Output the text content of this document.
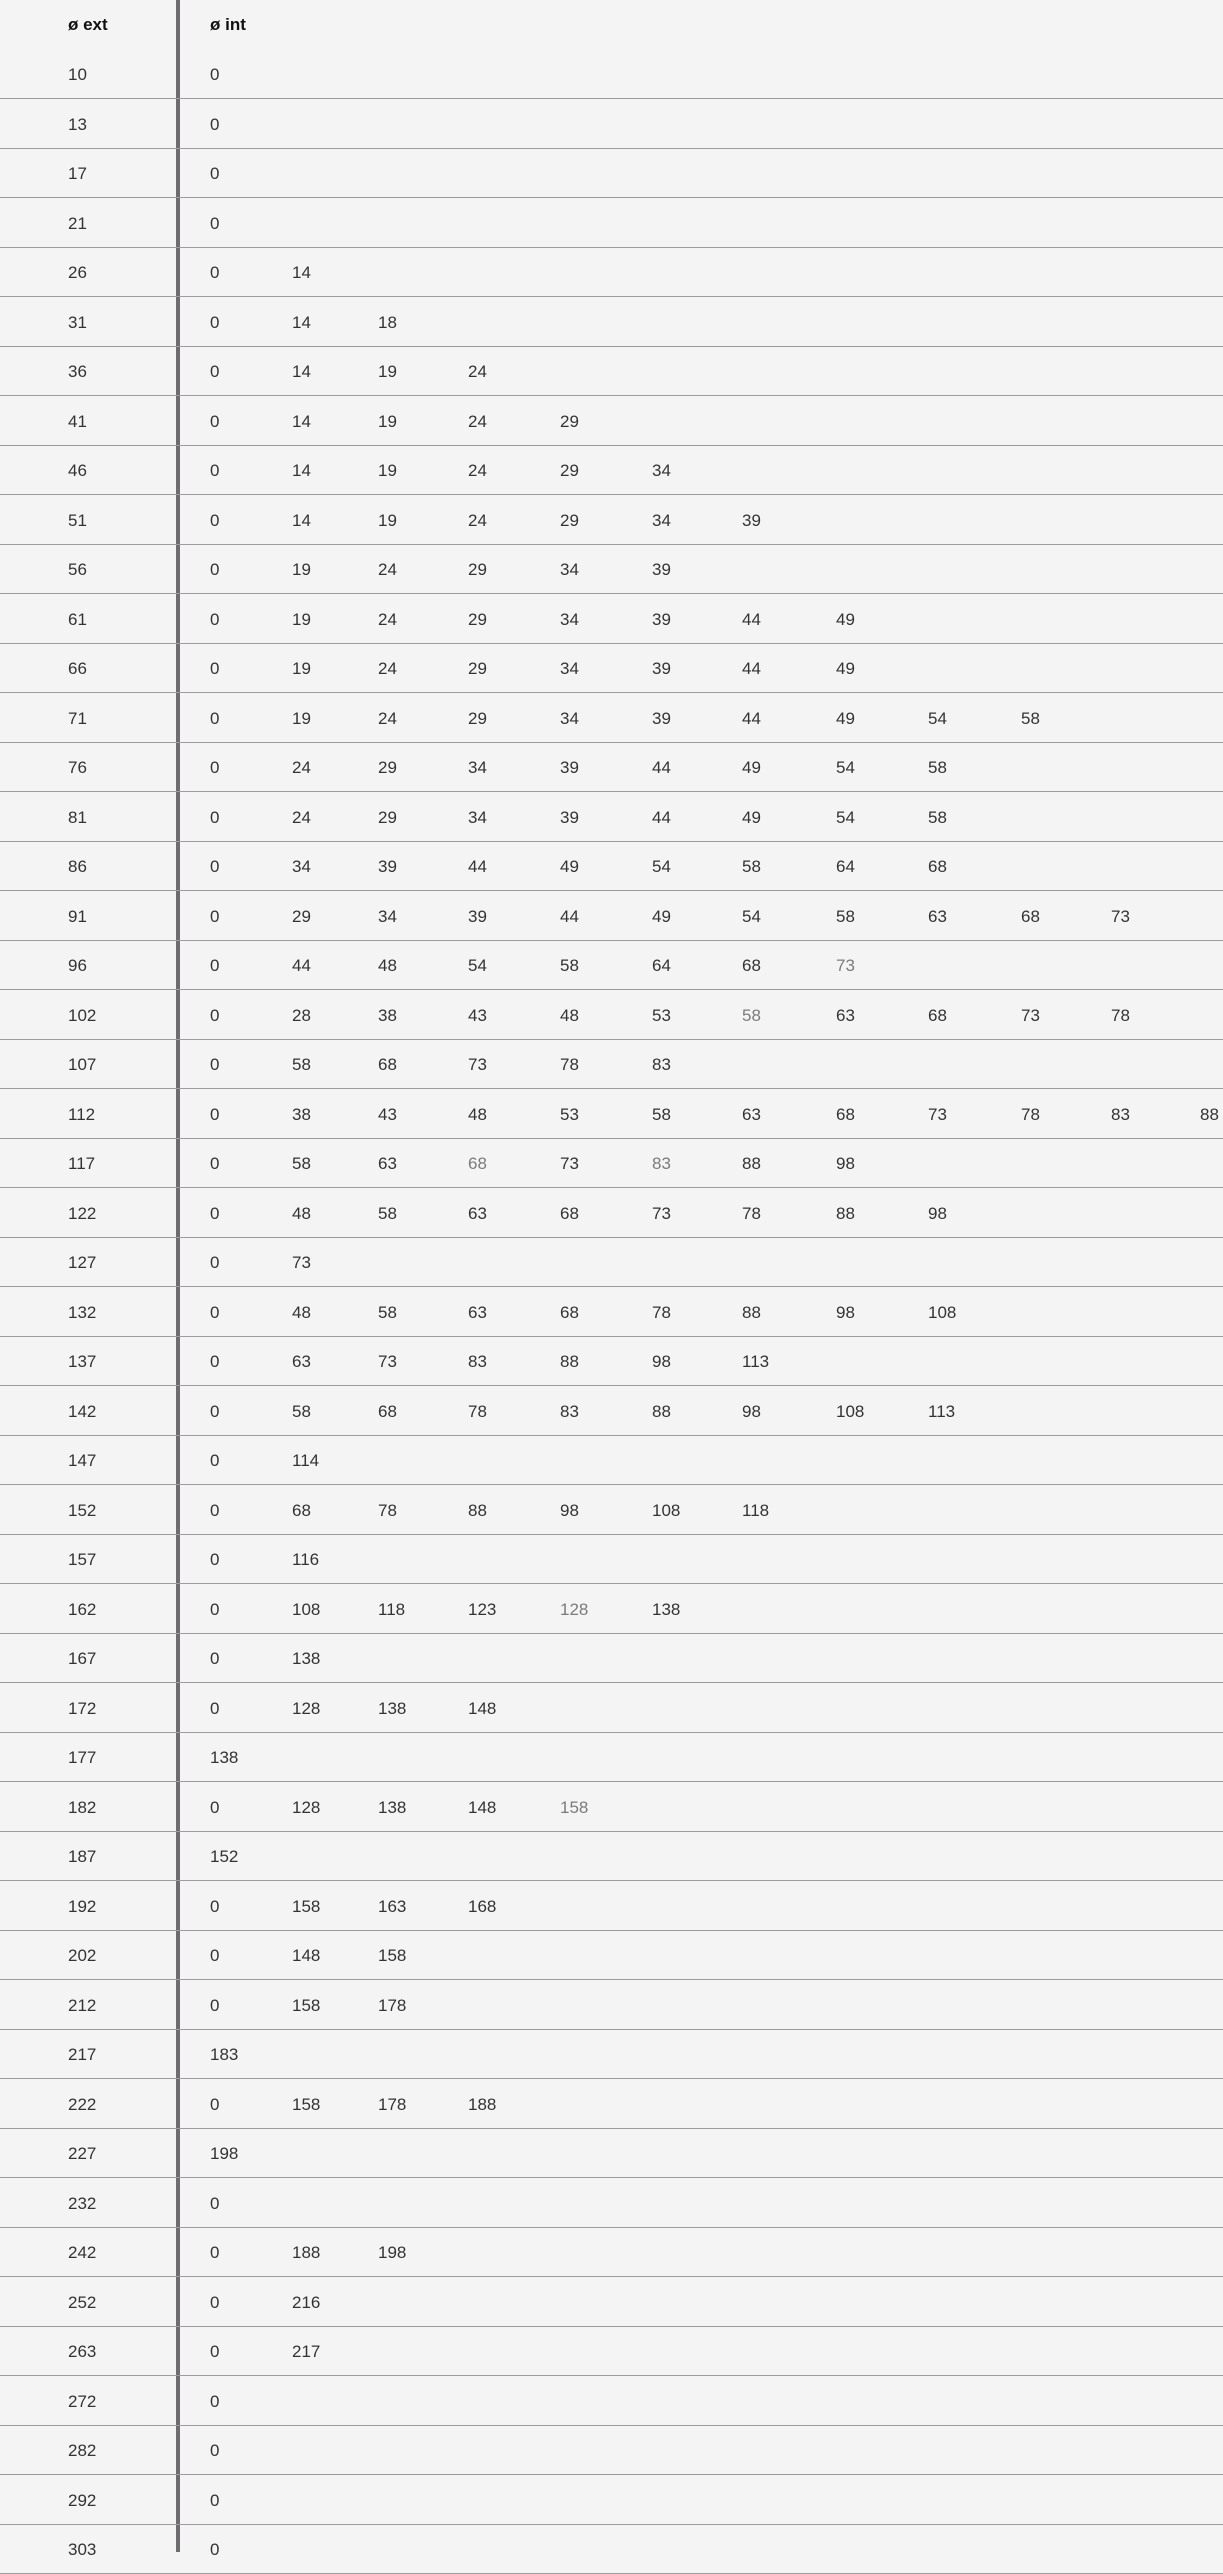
ø ext	ø int
10	0
13	0
17	0
21	0
26	0	14
31	0	14	18
36	0	14	19	24
41	0	14	19	24	29
46	0	14	19	24	29	34
51	0	14	19	24	29	34	39
56	0	19	24	29	34	39
61	0	19	24	29	34	39	44	49
66	0	19	24	29	34	39	44	49
71	0	19	24	29	34	39	44	49	54	58
76	0	24	29	34	39	44	49	54	58
81	0	24	29	34	39	44	49	54	58
86	0	34	39	44	49	54	58	64	68
91	0	29	34	39	44	49	54	58	63	68	73
96	0	44	48	54	58	64	68	73
102	0	28	38	43	48	53	58	63	68	73	78
107	0	58	68	73	78	83
112	0	38	43	48	53	58	63	68	73	78	83	88
117	0	58	63	68	73	83	88	98
122	0	48	58	63	68	73	78	88	98
127	0	73
132	0	48	58	63	68	78	88	98	108
137	0	63	73	83	88	98	113
142	0	58	68	78	83	88	98	108	113
147	0	114
152	0	68	78	88	98	108	118
157	0	116
162	0	108	118	123	128	138
167	0	138
172	0	128	138	148
177	138
182	0	128	138	148	158
187	152
192	0	158	163	168
202	0	148	158
212	0	158	178
217	183
222	0	158	178	188
227	198
232	0
242	0	188	198
252	0	216
263	0	217
272	0
282	0
292	0
303	0
